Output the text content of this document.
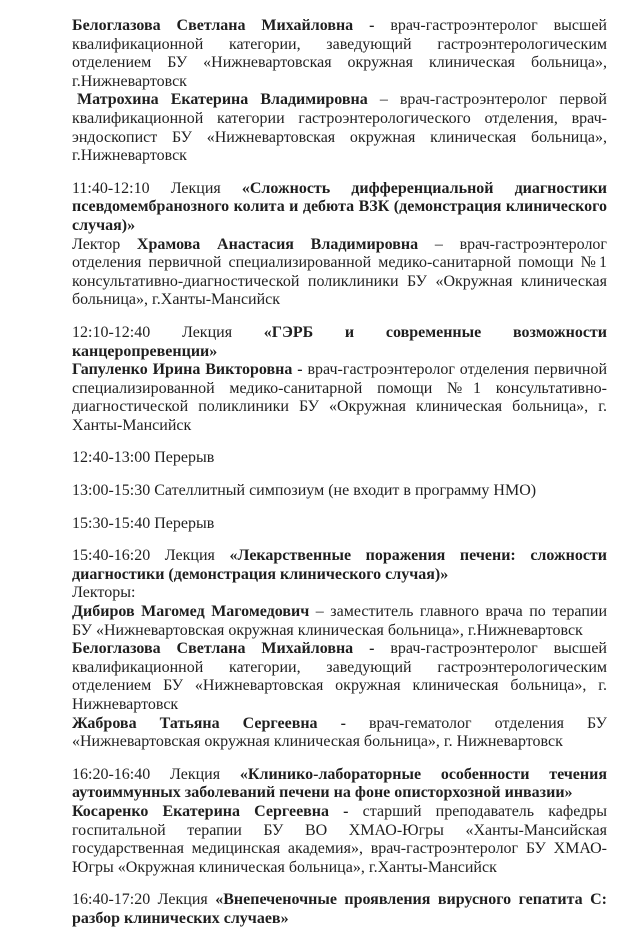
Белоглазова Светлана Михайловна - врач-гастроэнтеролог высшей квалификационной категории, заведующий гастроэнтерологическим отделением БУ «Нижневартовская окружная клиническая больница», г.Нижневартовск

Матрохина Екатерина Владимировна – врач-гастроэнтеролог первой квалификационной категории гастроэнтерологического отделения, врач-эндоскопист БУ «Нижневартовская окружная клиническая больница», г.Нижневартовск

11:40-12:10 Лекция «Сложность дифференциальной диагностики псевдомембранозного колита и дебюта ВЗК (демонстрация клинического случая)»

Лектор Храмова Анастасия Владимировна – врач-гастроэнтеролог отделения первичной специализированной медико-санитарной помощи №1 консультативно-диагностической поликлиники БУ «Окружная клиническая больница», г.Ханты-Мансийск

12:10-12:40 Лекция «ГЭРБ и современные возможности канцеропревенции»

Гапуленко Ирина Викторовна - врач-гастроэнтеролог отделения первичной специализированной медико-санитарной помощи №1 консультативно-диагностической поликлиники БУ «Окружная клиническая больница», г. Ханты-Мансийск

12:40-13:00 Перерыв

13:00-15:30 Сателлитный симпозиум (не входит в программу НМО)

15:30-15:40 Перерыв

15:40-16:20 Лекция «Лекарственные поражения печени: сложности диагностики (демонстрация клинического случая)»

Лекторы:

Дибиров Магомед Магомедович – заместитель главного врача по терапии БУ «Нижневартовская окружная клиническая больница», г.Нижневартовск

Белоглазова Светлана Михайловна - врач-гастроэнтеролог высшей квалификационной категории, заведующий гастроэнтерологическим отделением БУ «Нижневартовская окружная клиническая больница», г. Нижневартовск

Жаброва Татьяна Сергеевна - врач-гематолог отделения БУ «Нижневартовская окружная клиническая больница», г. Нижневартовск

16:20-16:40 Лекция «Клинико-лабораторные особенности течения аутоиммунных заболеваний печени на фоне описторхозной инвазии»

Косаренко Екатерина Сергеевна - старший преподаватель кафедры госпитальной терапии БУ ВО ХМАО-Югры «Ханты-Мансийская государственная медицинская академия», врач-гастроэнтеролог БУ ХМАО-Югры «Окружная клиническая больница», г.Ханты-Мансийск

16:40-17:20 Лекция «Внепеченочные проявления вирусного гепатита С: разбор клинических случаев»
